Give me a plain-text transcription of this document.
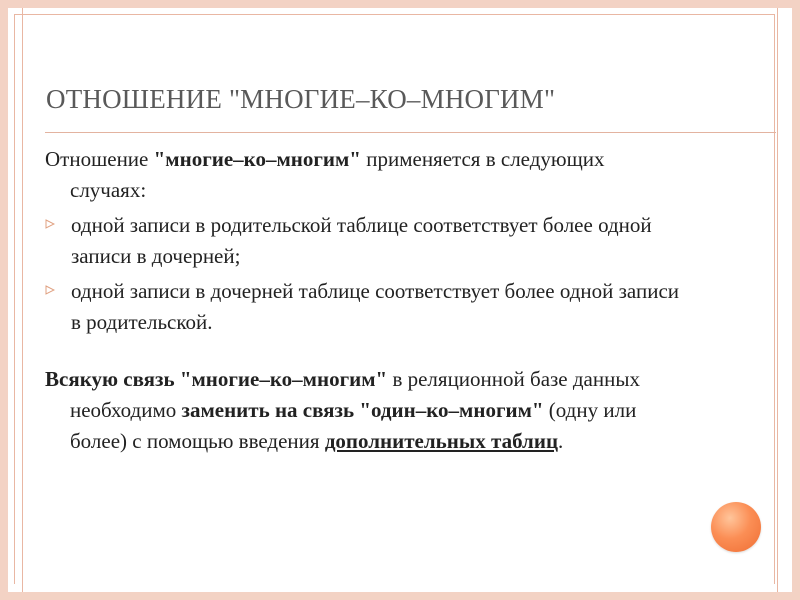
ОТНОШЕНИЕ "МНОГИЕ–КО–МНОГИМ"

Отношение "многие–ко–многим" применяется в следующих случаях:

одной записи в родительской таблице соответствует более одной записи в дочерней;

одной записи в дочерней таблице соответствует более одной записи в родительской.

Всякую связь "многие–ко–многим" в реляционной базе данных необходимо заменить на связь "один–ко–многим" (одну или более) с помощью введения дополнительных таблиц.
